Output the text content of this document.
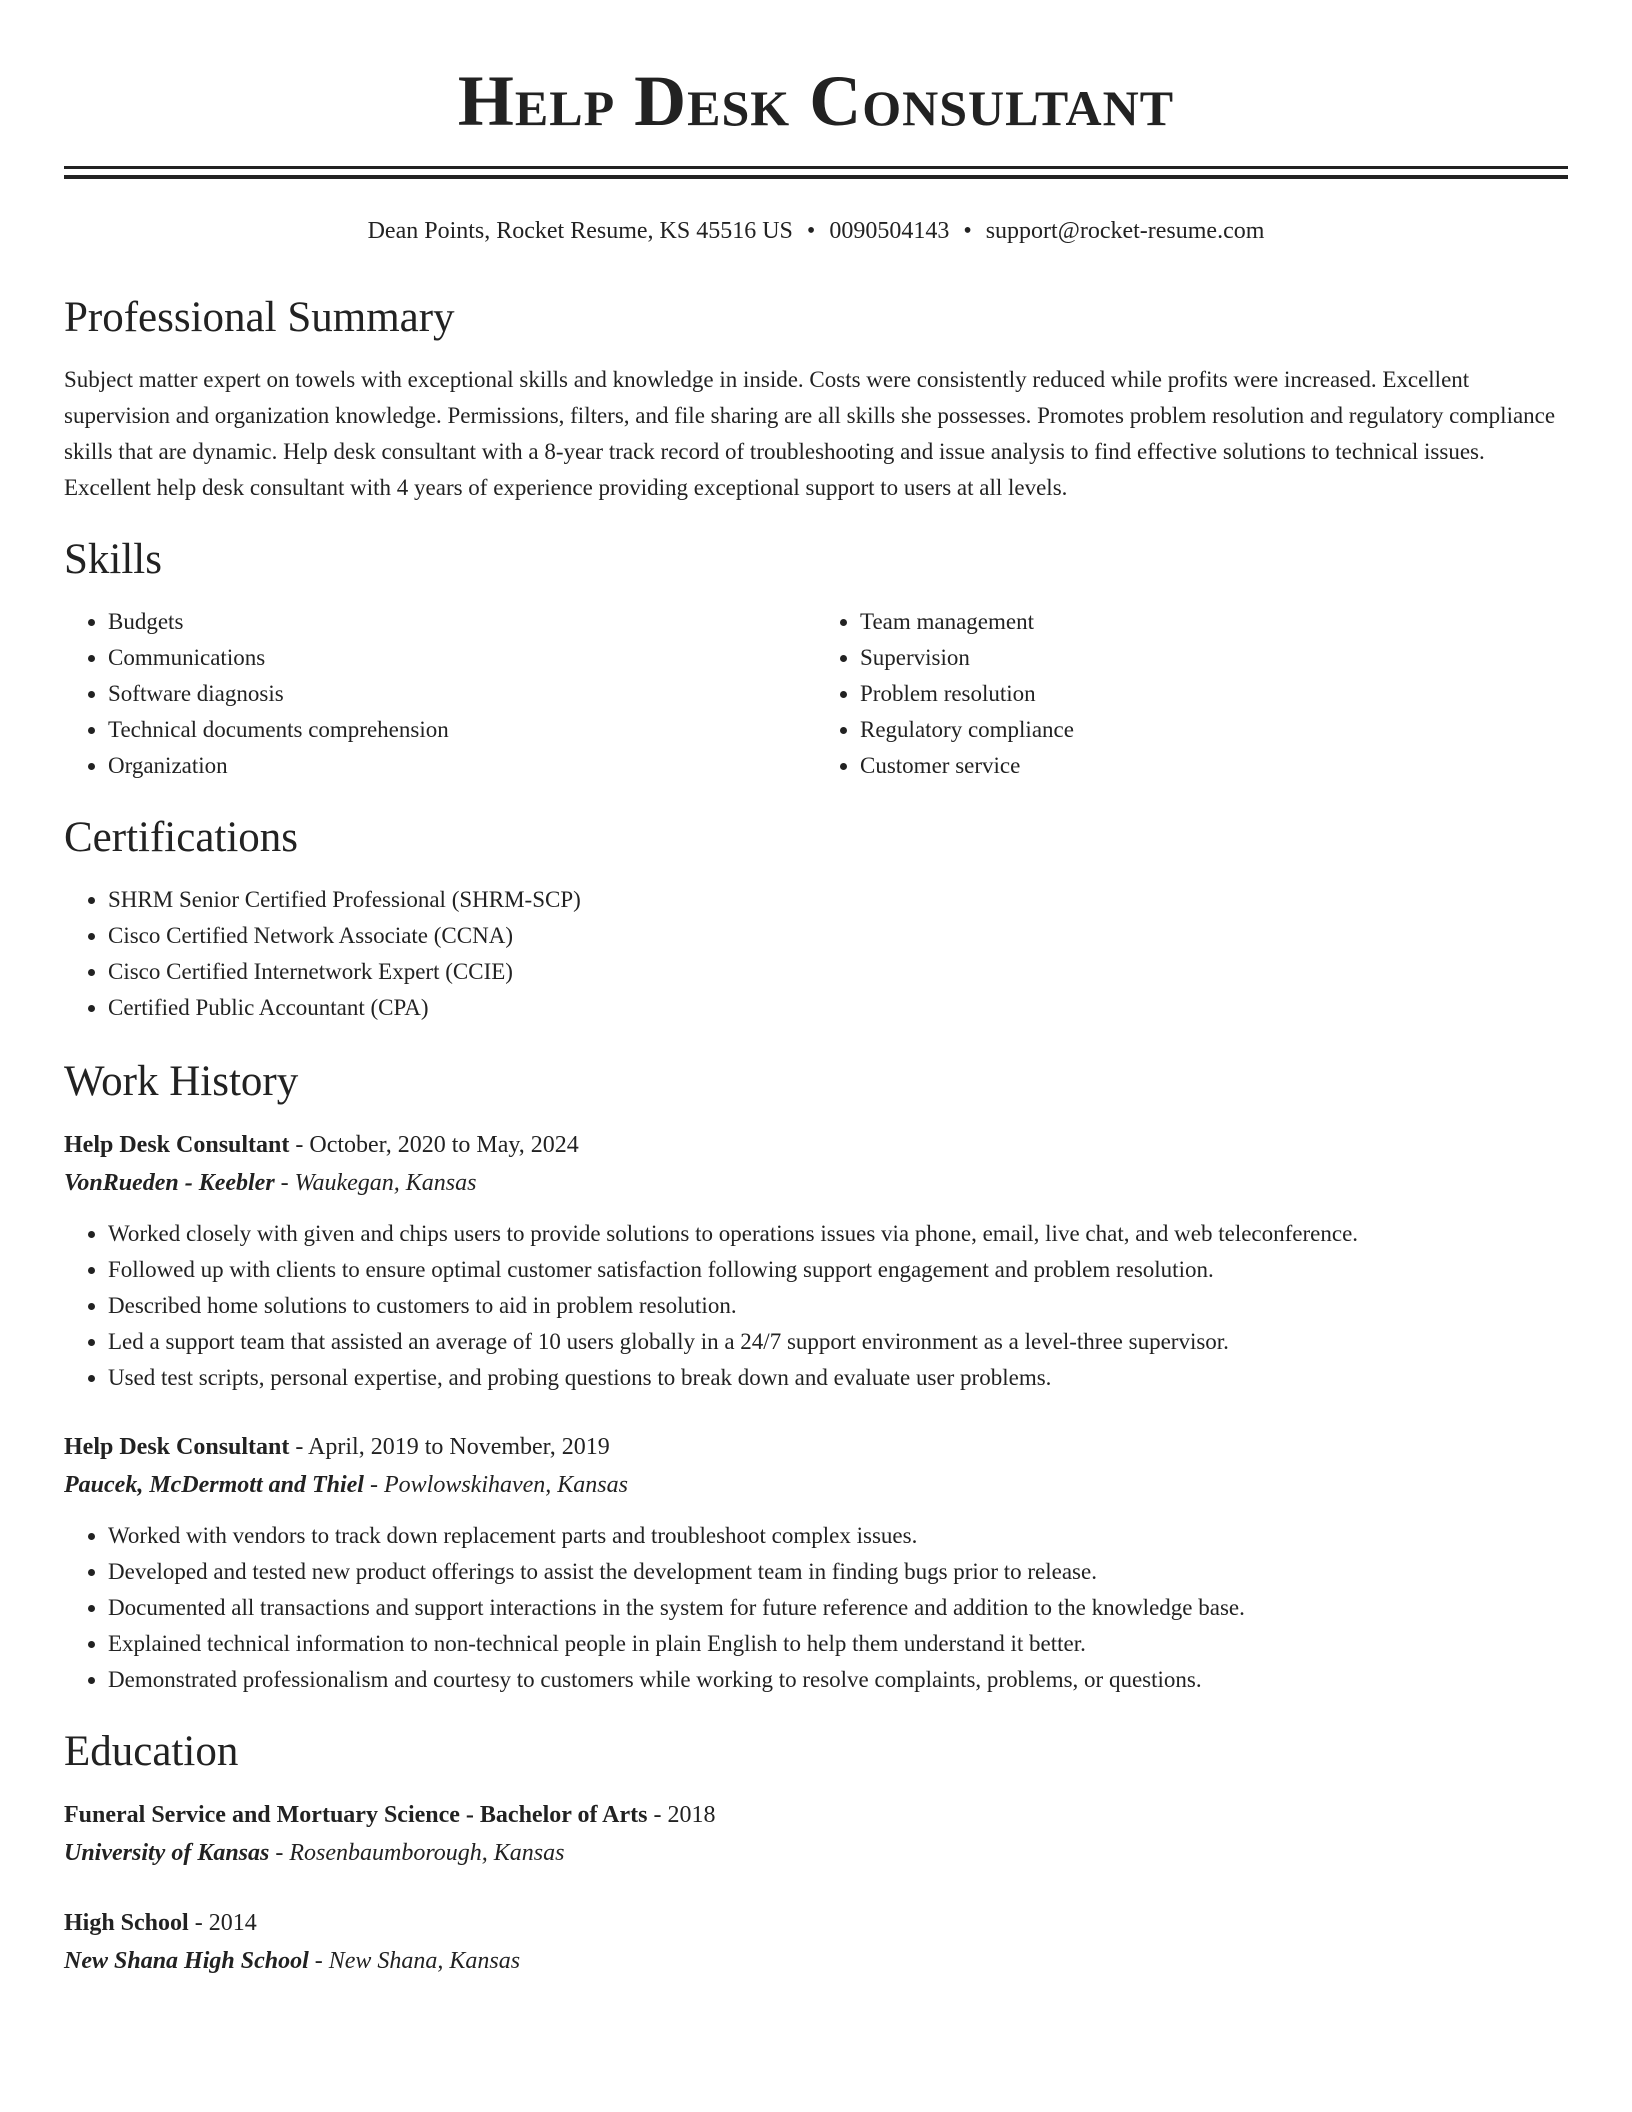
Help Desk Consultant
Dean Points, Rocket Resume, KS 45516 US • 0090504143 • support@rocket-resume.com
Professional Summary

Subject matter expert on towels with exceptional skills and knowledge in inside. Costs were consistently reduced while profits were increased. Excellent supervision and organization knowledge. Permissions, filters, and file sharing are all skills she possesses. Promotes problem resolution and regulatory compliance skills that are dynamic. Help desk consultant with a 8-year track record of troubleshooting and issue analysis to find effective solutions to technical issues. Excellent help desk consultant with 4 years of experience providing exceptional support to users at all levels.

Skills
• Budgets
• Communications
• Software diagnosis
• Technical documents comprehension
• Organization
• Team management
• Supervision
• Problem resolution
• Regulatory compliance
• Customer service
Certifications
• SHRM Senior Certified Professional (SHRM-SCP)
• Cisco Certified Network Associate (CCNA)
• Cisco Certified Internetwork Expert (CCIE)
• Certified Public Accountant (CPA)
Work History
Help Desk Consultant - October, 2020 to May, 2024
VonRueden - Keebler - Waukegan, Kansas
• Worked closely with given and chips users to provide solutions to operations issues via phone, email, live chat, and web teleconference.
• Followed up with clients to ensure optimal customer satisfaction following support engagement and problem resolution.
• Described home solutions to customers to aid in problem resolution.
• Led a support team that assisted an average of 10 users globally in a 24/7 support environment as a level-three supervisor.
• Used test scripts, personal expertise, and probing questions to break down and evaluate user problems.
Help Desk Consultant - April, 2019 to November, 2019
Paucek, McDermott and Thiel - Powlowskihaven, Kansas
• Worked with vendors to track down replacement parts and troubleshoot complex issues.
• Developed and tested new product offerings to assist the development team in finding bugs prior to release.
• Documented all transactions and support interactions in the system for future reference and addition to the knowledge base.
• Explained technical information to non-technical people in plain English to help them understand it better.
• Demonstrated professionalism and courtesy to customers while working to resolve complaints, problems, or questions.
Education
Funeral Service and Mortuary Science - Bachelor of Arts - 2018
University of Kansas - Rosenbaumborough, Kansas
High School - 2014
New Shana High School - New Shana, Kansas
